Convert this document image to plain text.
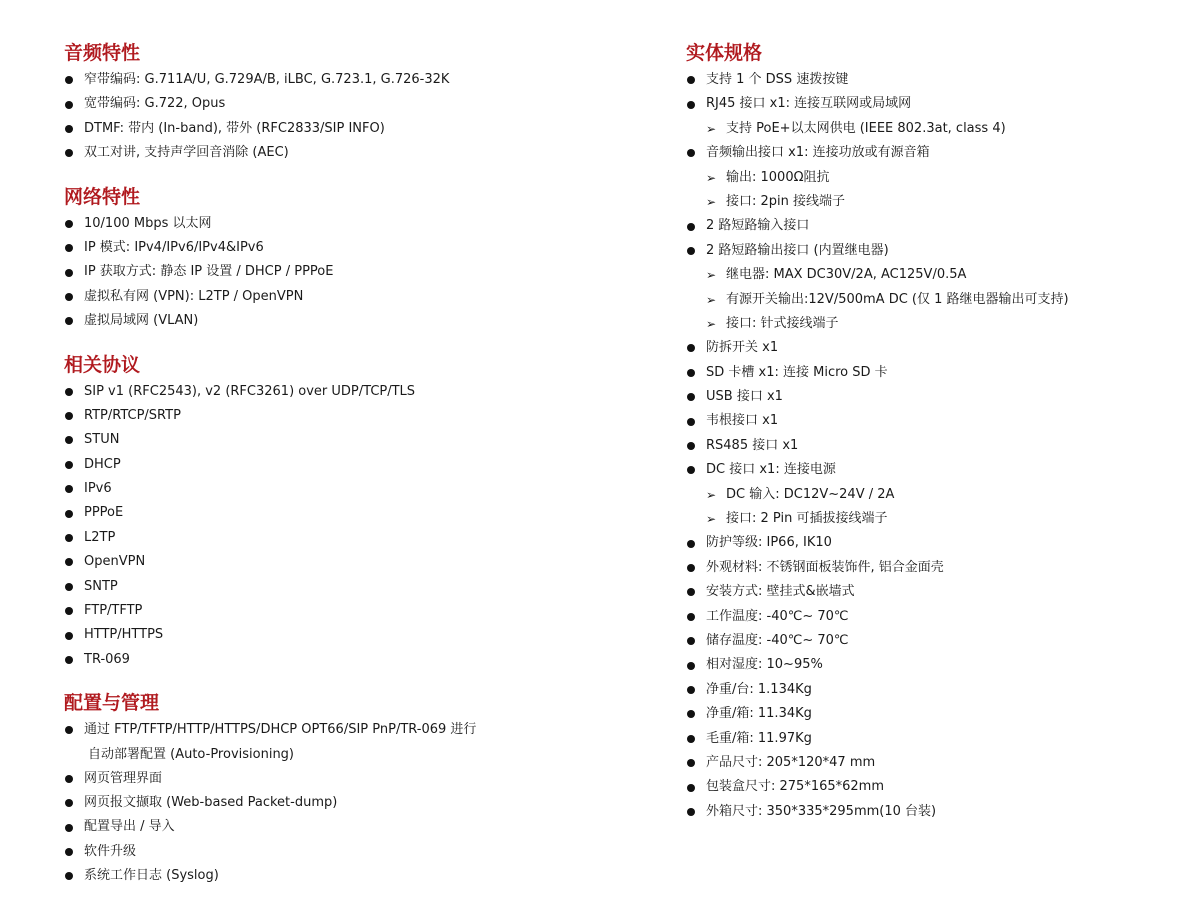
音频特性
窄带编码: G.711A/U, G.729A/B, iLBC, G.723.1, G.726-32K
宽带编码: G.722, Opus
DTMF: 带内 (In-band), 带外 (RFC2833/SIP INFO)
双工对讲, 支持声学回音消除 (AEC)
网络特性
10/100 Mbps 以太网
IP 模式: IPv4/IPv6/IPv4&IPv6
IP 获取方式: 静态 IP 设置 / DHCP / PPPoE
虚拟私有网 (VPN): L2TP / OpenVPN
虚拟局域网 (VLAN)
相关协议
SIP v1 (RFC2543), v2 (RFC3261) over UDP/TCP/TLS
RTP/RTCP/SRTP
STUN
DHCP
IPv6
PPPoE
L2TP
OpenVPN
SNTP
FTP/TFTP
HTTP/HTTPS
TR-069
配置与管理
通过 FTP/TFTP/HTTP/HTTPS/DHCP OPT66/SIP PnP/TR-069 进行
自动部署配置 (Auto-Provisioning)
网页管理界面
网页报文撷取 (Web-based Packet-dump)
配置导出 / 导入
软件升级
系统工作日志 (Syslog)
实体规格
支持 1 个 DSS 速拨按键
RJ45 接口 x1: 连接互联网或局域网
➢ 支持 PoE+以太网供电 (IEEE 802.3at, class 4)
音频输出接口 x1: 连接功放或有源音箱
➢ 输出: 1000Ω阻抗
➢ 接口: 2pin 接线端子
2 路短路输入接口
2 路短路输出接口 (内置继电器)
➢ 继电器: MAX DC30V/2A, AC125V/0.5A
➢ 有源开关输出:12V/500mA DC (仅 1 路继电器输出可支持)
➢ 接口: 针式接线端子
防拆开关 x1
SD 卡槽 x1: 连接 Micro SD 卡
USB 接口 x1
韦根接口 x1
RS485 接口 x1
DC 接口 x1: 连接电源
➢ DC 输入: DC12V~24V / 2A
➢ 接口: 2 Pin 可插拔接线端子
防护等级: IP66, IK10
外观材料: 不锈钢面板装饰件, 铝合金面壳
安装方式: 壁挂式&嵌墙式
工作温度: -40℃~ 70℃
储存温度: -40℃~ 70℃
相对湿度: 10~95%
净重/台: 1.134Kg
净重/箱: 11.34Kg
毛重/箱: 11.97Kg
产品尺寸: 205*120*47 mm
包装盒尺寸: 275*165*62mm
外箱尺寸: 350*335*295mm(10 台装)
